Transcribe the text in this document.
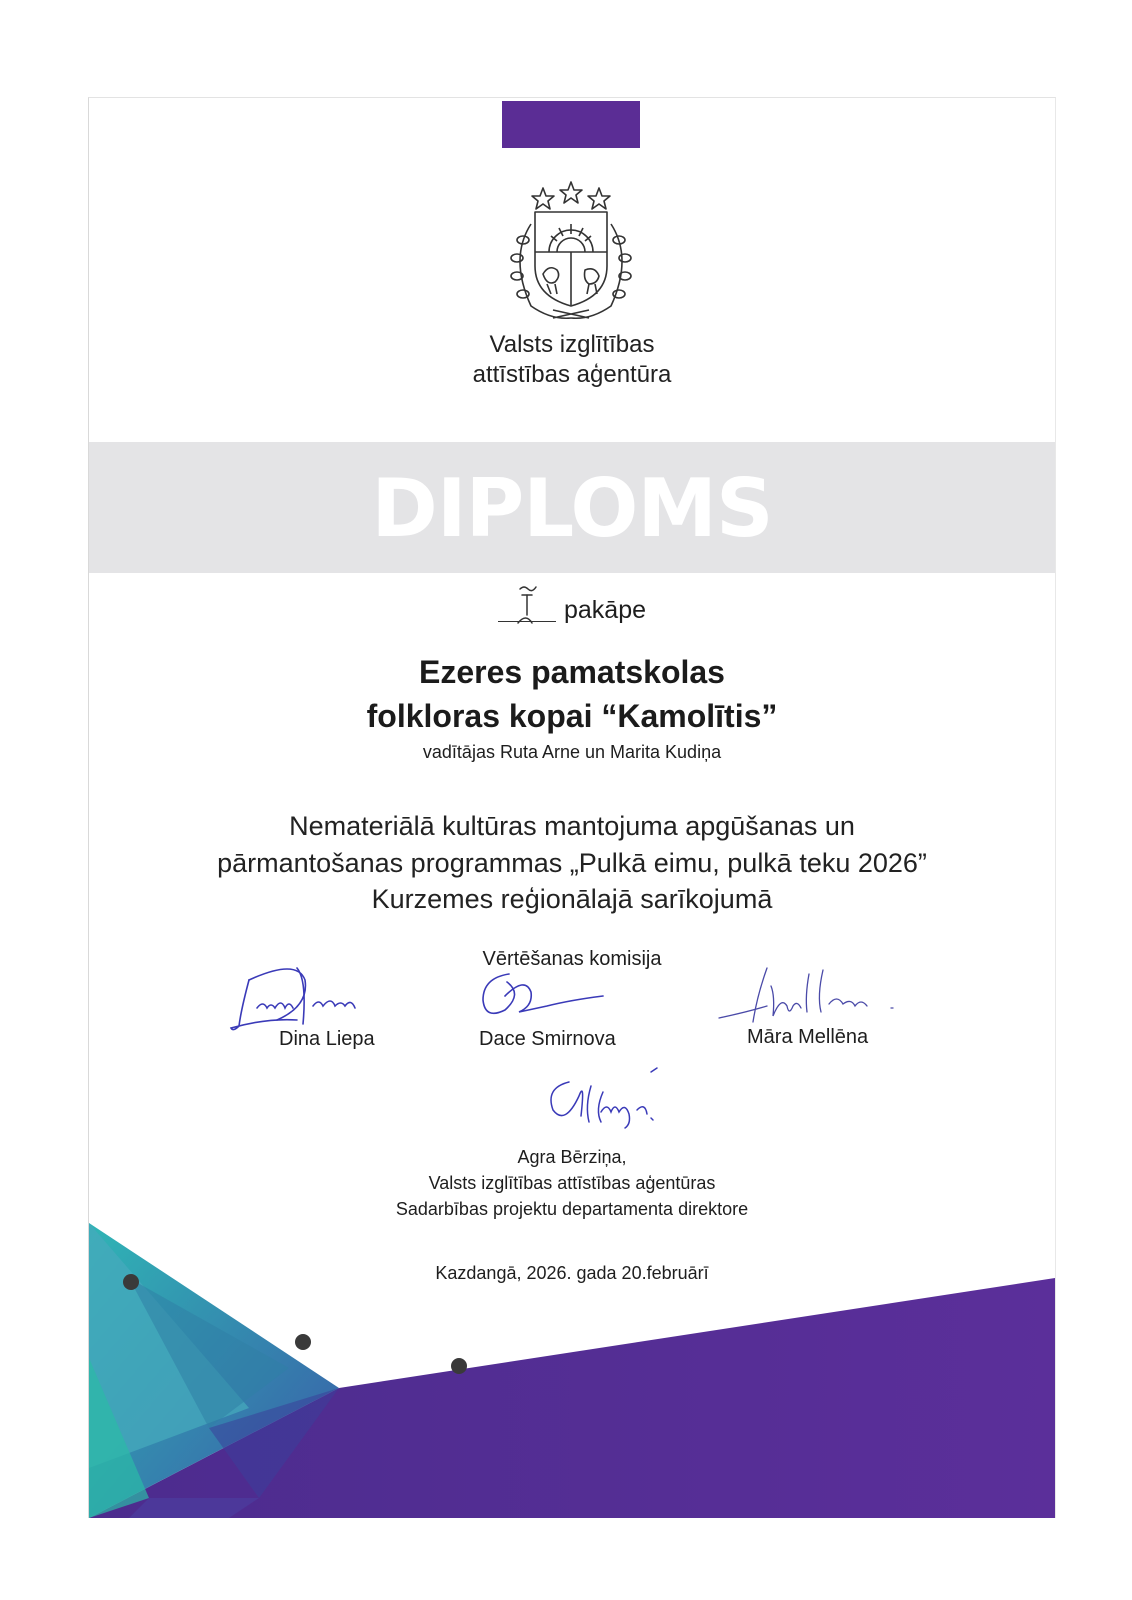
Valsts izglītības
attīstības aģentūra
DIPLOMS
pakāpe
Ezeres pamatskolas
folkloras kopai “Kamolītis”
vadītājas Ruta Arne un Marita Kudiņa
Nemateriālā kultūras mantojuma apgūšanas un
pārmantošanas programmas „Pulkā eimu, pulkā teku 2026”
Kurzemes reģionālajā sarīkojumā
Vērtēšanas komisija
Dina Liepa	Dace Smirnova	Māra Mellēna
Agra Bērziņa,
Valsts izglītības attīstības aģentūras
Sadarbības projektu departamenta direktore
Kazdangā, 2026. gada 20.februārī
